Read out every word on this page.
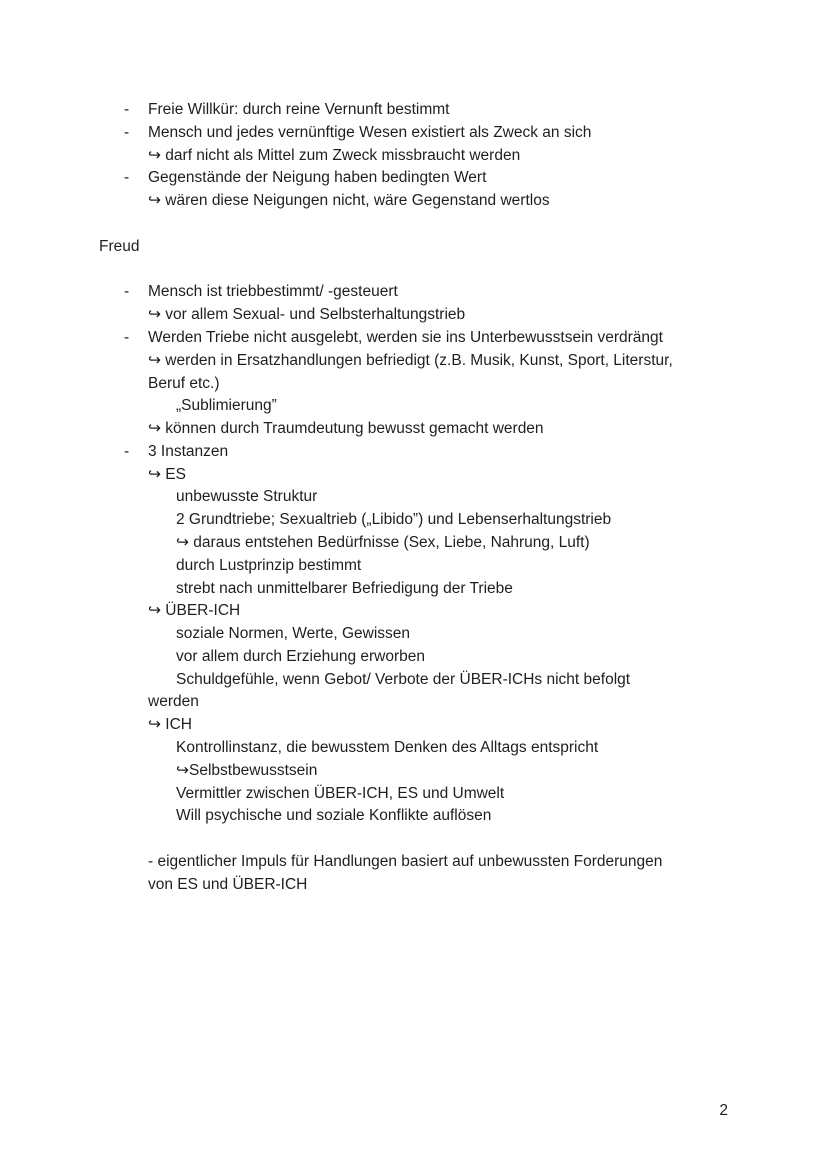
- Freie Willkür: durch reine Vernunft bestimmt
- Mensch und jedes vernünftige Wesen existiert als Zweck an sich
↪ darf nicht als Mittel zum Zweck missbraucht werden
- Gegenstände der Neigung haben bedingten Wert
↪ wären diese Neigungen nicht, wäre Gegenstand wertlos
Freud
- Mensch ist triebbestimmt/ -gesteuert
↪ vor allem Sexual- und Selbsterhaltungstrieb
- Werden Triebe nicht ausgelebt, werden sie ins Unterbewusstsein verdrängt
↪ werden in Ersatzhandlungen befriedigt (z.B. Musik, Kunst, Sport, Literstur,
Beruf etc.)
„Sublimierung”
↪ können durch Traumdeutung bewusst gemacht werden
- 3 Instanzen
↪ ES
unbewusste Struktur
2 Grundtriebe; Sexualtrieb („Libido”) und Lebenserhaltungstrieb
↪ daraus entstehen Bedürfnisse (Sex, Liebe, Nahrung, Luft)
durch Lustprinzip bestimmt
strebt nach unmittelbarer Befriedigung der Triebe
↪ ÜBER-ICH
soziale Normen, Werte, Gewissen
vor allem durch Erziehung erworben
Schuldgefühle, wenn Gebot/ Verbote der ÜBER-ICHs nicht befolgt
werden
↪ ICH
Kontrollinstanz, die bewusstem Denken des Alltags entspricht
↪Selbstbewusstsein
Vermittler zwischen ÜBER-ICH, ES und Umwelt
Will psychische und soziale Konflikte auflösen
- eigentlicher Impuls für Handlungen basiert auf unbewussten Forderungen
von ES und ÜBER-ICH
2
